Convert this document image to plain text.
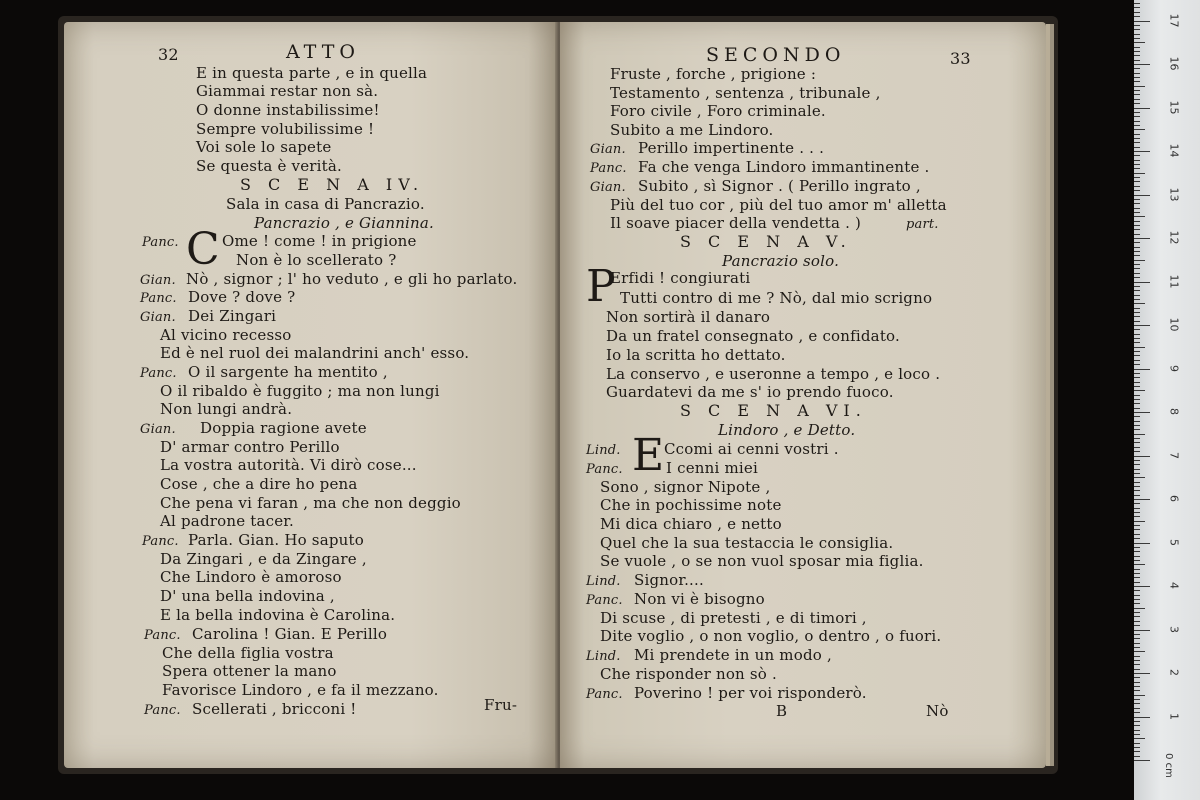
32	ATTO
E in questa parte , e in quella
Giammai restar non sà.
O donne instabilissime!
Sempre volubilissime !
Voi sole lo sapete
Se questa è verità.
S C E N A IV.
Sala in casa di Pancrazio.
Pancrazio , e Giannina.
Panc. C Ome ! come ! in prigione
Non è lo scellerato ?
Gian. Nò , signor ; l' ho veduto , e gli ho parlato.
Panc. Dove ? dove ?
Gian. Dei Zingari
Al vicino recesso
Ed è nel ruol dei malandrini anch' esso.
Panc. O il sargente ha mentito ,
O il ribaldo è fuggito ; ma non lungi
Non lungi andrà.
Gian. Doppia ragione avete
D' armar contro Perillo
La vostra autorità. Vi dirò cose...
Cose , che a dire ho pena
Che pena vi faran , ma che non deggio
Al padrone tacer.
Panc. Parla. Gian. Ho saputo
Da Zingari , e da Zingare ,
Che Lindoro è amoroso
D' una bella indovina ,
E la bella indovina è Carolina.
Panc. Carolina ! Gian. E Perillo
Che della figlia vostra
Spera ottener la mano
Favorisce Lindoro , e fa il mezzano.
Panc. Scellerati , bricconi !	Fru-
SECONDO	33
Fruste , forche , prigione :
Testamento , sentenza , tribunale ,
Foro civile , Foro criminale.
Subito a me Lindoro.
Gian. Perillo impertinente . . .
Panc. Fa che venga Lindoro immantinente .
Gian. Subito , sì Signor . ( Perillo ingrato ,
Più del tuo cor , più del tuo amor m' alletta
Il soave piacer della vendetta . )	part.
S C E N A V.
Pancrazio solo.
P
Erfidi ! congiurati
Tutti contro di me ? Nò, dal mio scrigno
Non sortirà il danaro
Da un fratel consegnato , e confidato.
Io la scritta ho dettato.
La conservo , e useronne a tempo , e loco .
Guardatevi da me s' io prendo fuoco.
S C E N A VI.
Lindoro , e Detto.
Lind. E Ccomi ai cenni vostri .
Panc.	I cenni miei
Sono , signor Nipote ,
Che in pochissime note
Mi dica chiaro , e netto
Quel che la sua testaccia le consiglia.
Se vuole , o se non vuol sposar mia figlia.
Lind. Signor....
Panc. Non vi è bisogno
Di scuse , di pretesti , e di timori ,
Dite voglio , o non voglio, o dentro , o fuori.
Lind. Mi prendete in un modo ,
Che risponder non sò .
Panc. Poverino ! per voi risponderò.
B	Nò
0 cm
1
2
3
4
5
6
7
8
9
10
11
12
13
14
15
16
17
